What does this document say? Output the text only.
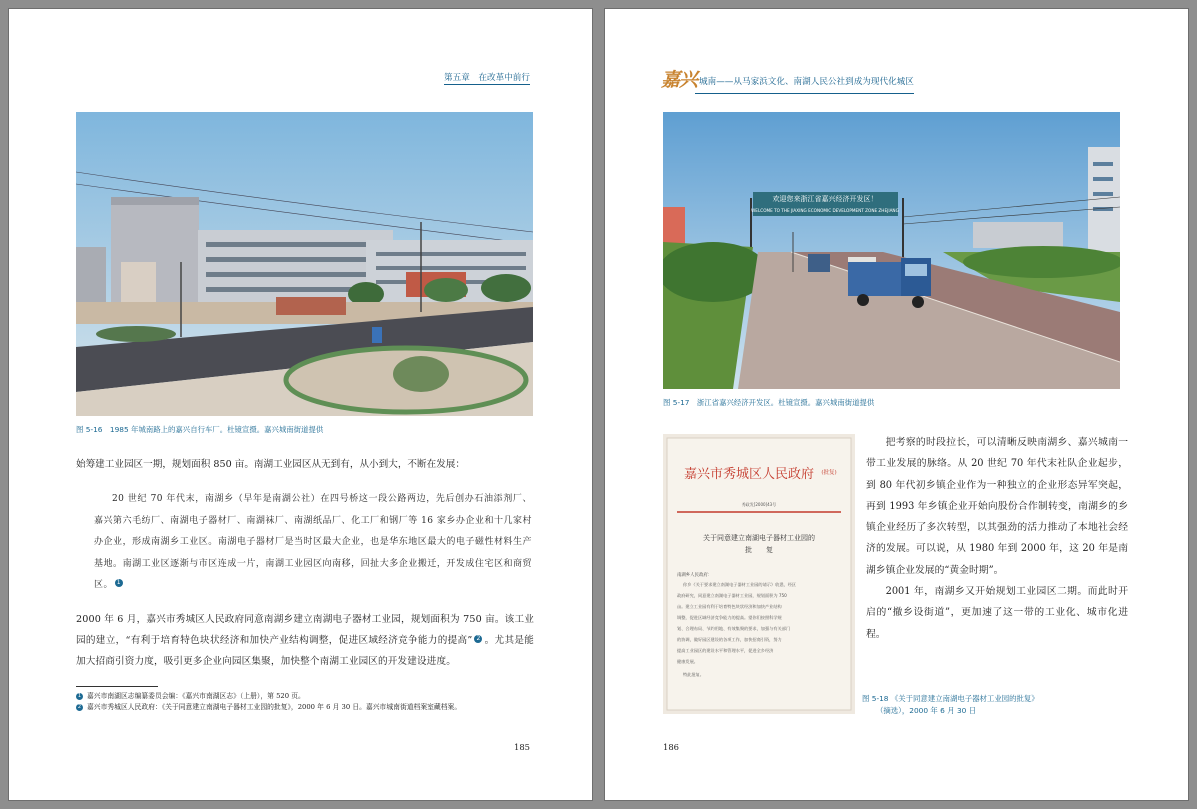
第五章　在改革中前行
图 5-16　1985 年城南路上的嘉兴自行车厂。杜镜宣摄。嘉兴城南街道提供
始筹建工业园区一期，规划面积 850 亩。南湖工业园区从无到有，从小到大，不断在发展：
20 世纪 70 年代末，南湖乡（早年是南湖公社）在四号桥这一段公路两边，先后创办石油添剂厂、嘉兴第六毛纺厂、南湖电子器材厂、南湖袜厂、南湖纸品厂、化工厂和钢厂等 16 家乡办企业和十几家村办企业，形成南湖乡工业区。南湖电子器材厂是当时区最大企业，也是华东地区最大的电子磁性材料生产基地。南湖工业区逐渐与市区连成一片，南湖工业园区向南移，回扯大多企业搬迁，开发成住宅区和商贸区。 1
2000 年 6 月，嘉兴市秀城区人民政府同意南湖乡建立南湖电子器材工业园，规划面积为 750 亩。该工业园的建立，“有利于培育特色块状经济和加快产业结构调整，促进区域经济竞争能力的提高” 2 。尤其是能加大招商引资力度，吸引更多企业向园区集聚，加快整个南湖工业园区的开发建设进度。
1 嘉兴市南湖区志编纂委员会编：《嘉兴市南湖区志》（上册），第 520 页。
2 嘉兴市秀城区人民政府：《关于同意建立南湖电子器材工业园的批复》，2000 年 6 月 30 日。嘉兴市城南街道档案室藏档案。
185
嘉兴 城南——从马家浜文化、南湖人民公社到成为现代化城区
欢迎您来浙江省嘉兴经济开发区！
WELCOME TO THE JIAXING ECONOMIC DEVELOPMENT ZONE ZHEJIANG
图 5-17　浙江省嘉兴经济开发区。杜镜宣摄。嘉兴城南街道提供
嘉兴市秀城区人民政府 (批复)
秀政发[2000]43号
关于同意建立南湖电子器材工业园的
批　　复
南湖乡人民政府：
你乡《关于要求建立南湖电子器材工业园的请示》收悉，经区
政府研究，同意建立南湖电子器材工业园，规划面积为 750
亩。建立工业园有利于培育特色块状经济和加快产业结构
调整，促进区域经济竞争能力的提高。望你们按照科学规
划、合理布局、节约用地、有效集聚的要求，加强与有关部门
的协调，做好园区建设的各项工作，加快招商引资，努力
提高工业园区的建设水平和管理水平，促进全乡经济
健康发展。
特此批复。
图 5-18 《关于同意建立南湖电子器材工业园的批复》
（摘选），2000 年 6 月 30 日

把考察的时段拉长，可以清晰反映南湖乡、嘉兴城南一带工业发展的脉络。从 20 世纪 70 年代末社队企业起步，到 80 年代初乡镇企业作为一种独立的企业形态异军突起，再到 1993 年乡镇企业开始向股份合作制转变，南湖乡的乡镇企业经历了多次转型，以其强劲的活力推动了本地社会经济的发展。可以说，从 1980 年到 2000 年，这 20 年是南湖乡镇企业发展的“黄金时期”。

2001 年，南湖乡又开始规划工业园区二期。而此时开启的“撤乡设街道”，更加速了这一带的工业化、城市化进程。

186
